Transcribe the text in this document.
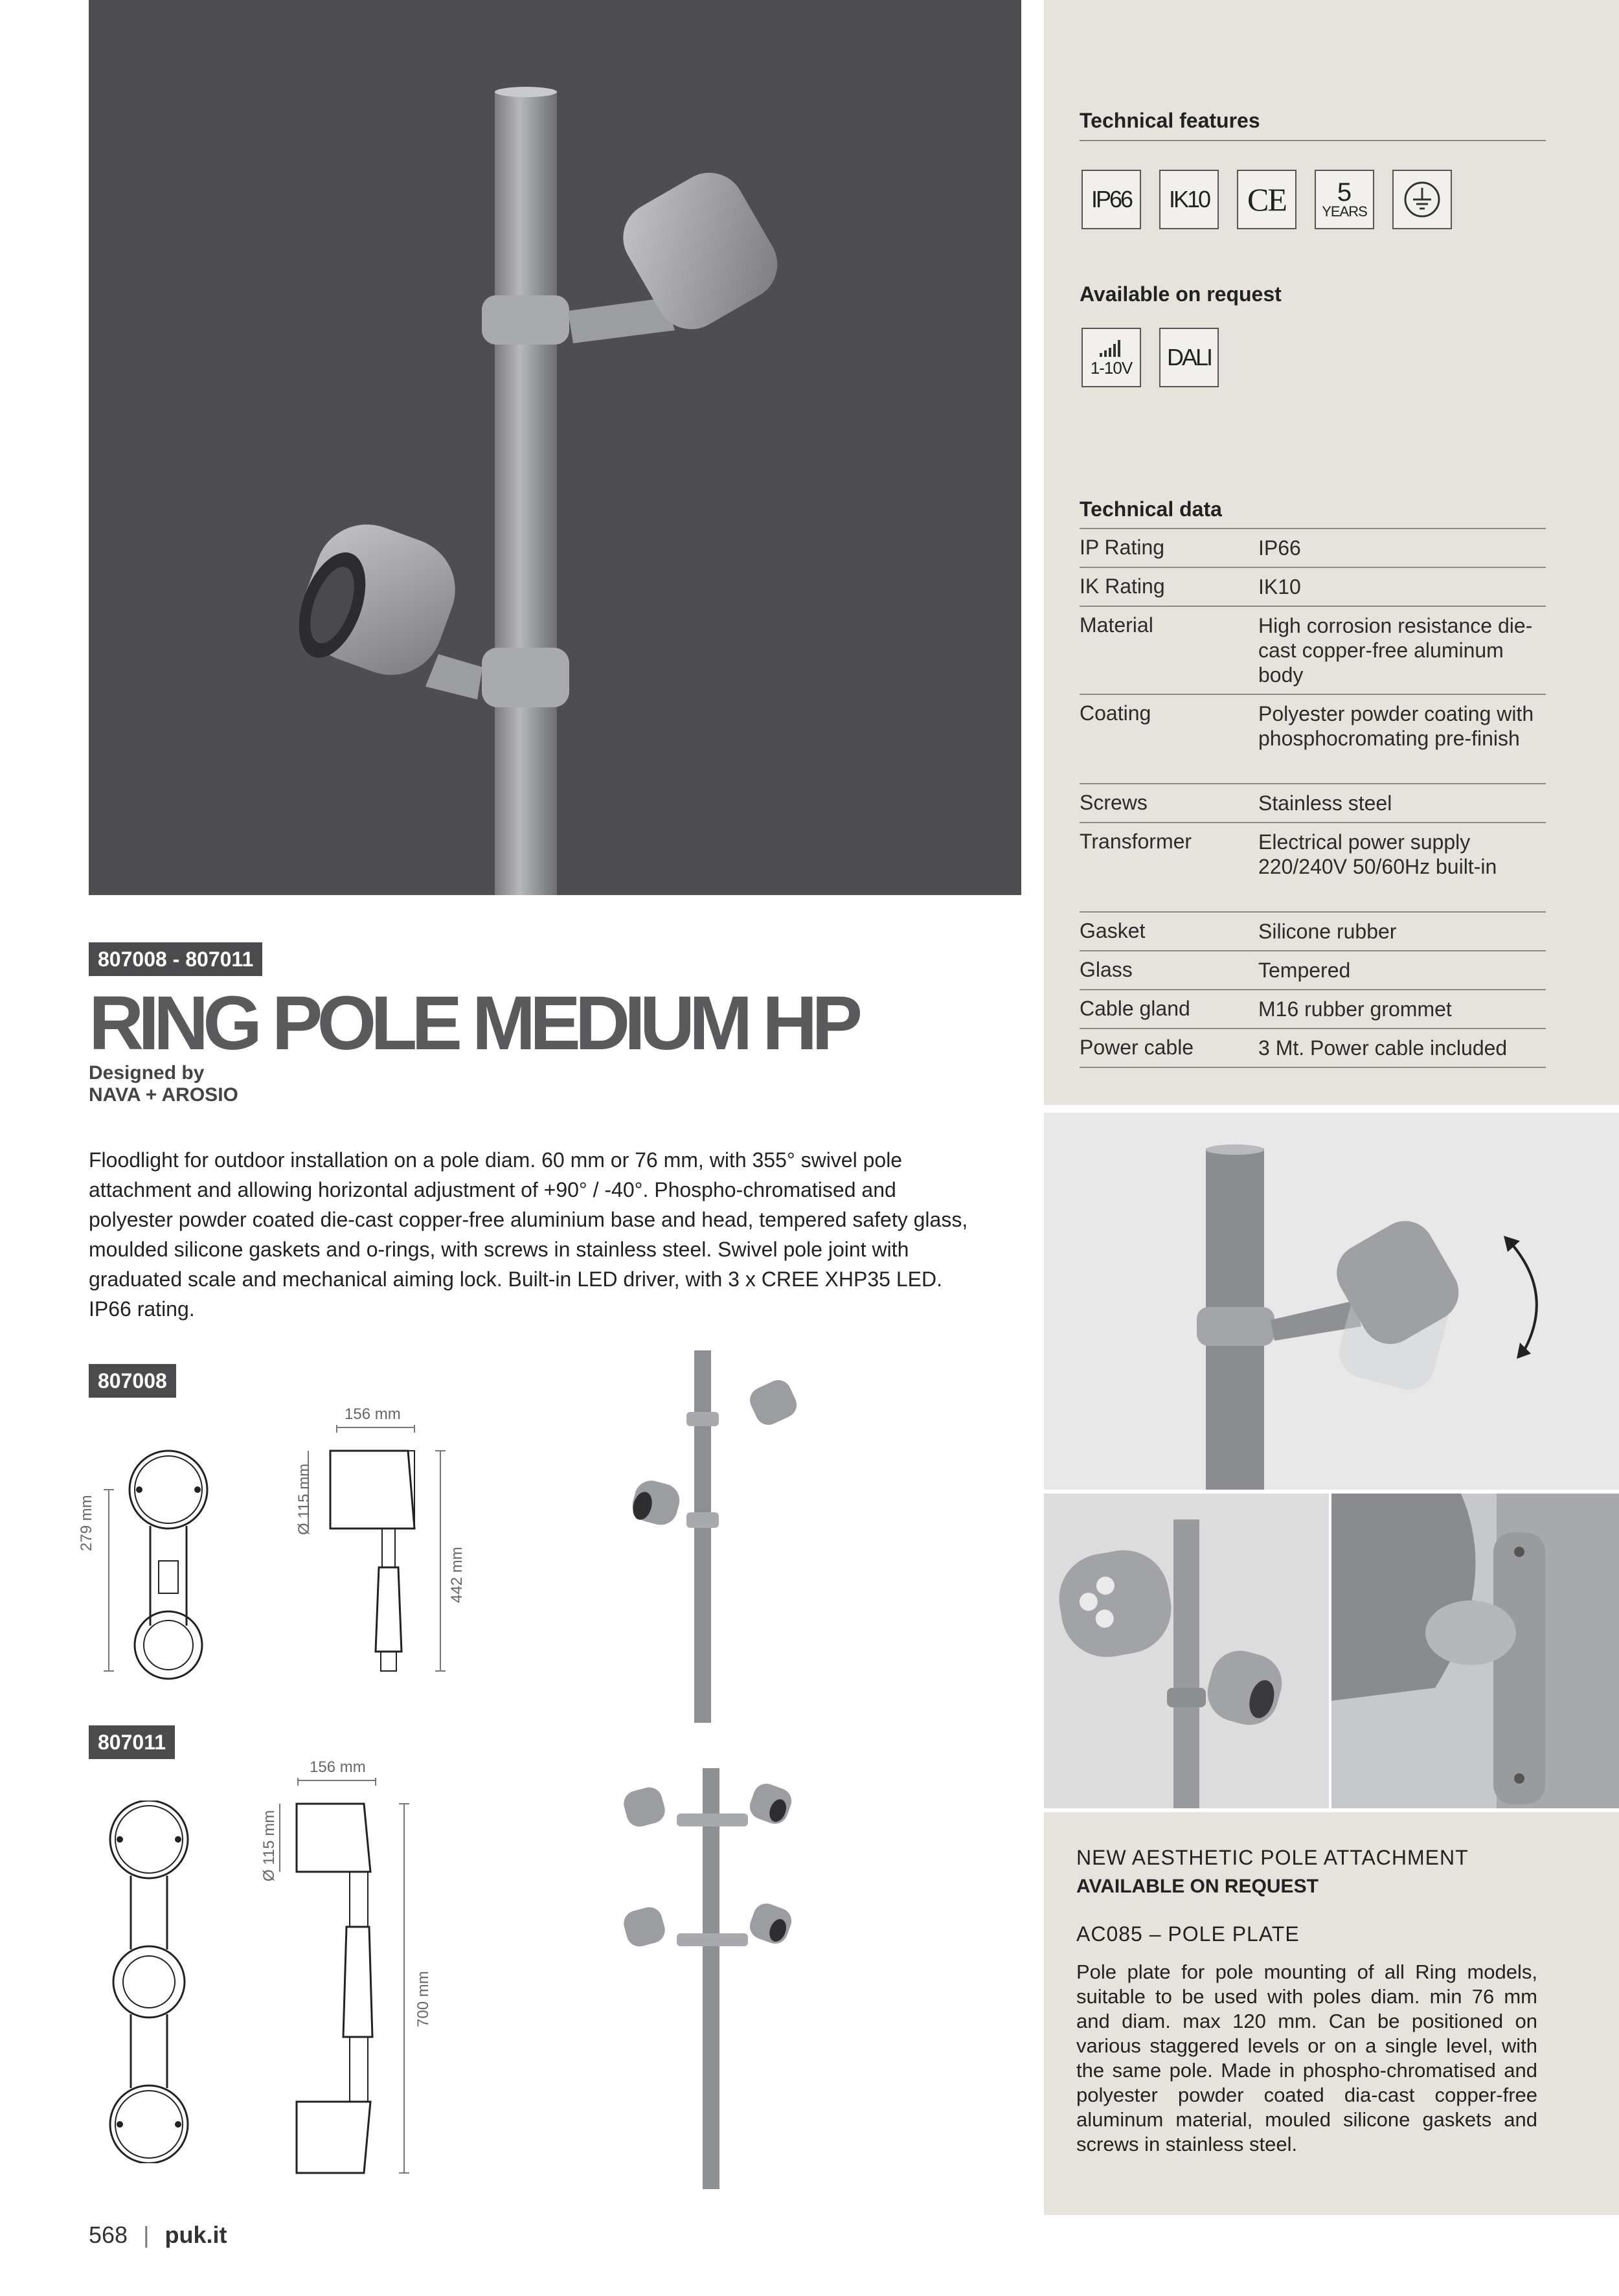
Technical features
IP66 IK10 CE 5
YEARS
Available on request
1-10V DALI
Technical data
IP Rating	IP66
IK Rating	IK10
Material	High corrosion resistance die-cast copper-free aluminum body
Coating	Polyester powder coating with phosphocromating pre-finish
Screws	Stainless steel
Transformer	Electrical power supply 220/240V 50/60Hz built-in
Gasket	Silicone rubber
Glass	Tempered
Cable gland	M16 rubber grommet
Power cable	3 Mt. Power cable included
807008 - 807011
RING POLE MEDIUM HP
Designed by
NAVA + AROSIO
Floodlight for outdoor installation on a pole diam. 60 mm or 76 mm, with 355° swivel pole attachment and allowing horizontal adjustment of +90° / -40°. Phospho-chromatised and polyester powder coated die-cast copper-free aluminium base and head, tempered safety glass, moulded silicone gaskets and o-rings, with screws in stainless steel. Swivel pole joint with graduated scale and mechanical aiming lock. Built-in LED driver, with 3 x CREE XHP35 LED. IP66 rating.
807008
279 mm
156 mm
Ø 115 mm
442 mm
807011
156 mm
Ø 115 mm
700 mm
NEW AESTHETIC POLE ATTACHMENT
AVAILABLE ON REQUEST
AC085 – POLE PLATE
Pole plate for pole mounting of all Ring models, suitable to be used with poles diam. min 76 mm and diam. max 120 mm. Can be positioned on various staggered levels or on a single level, with the same pole. Made in phospho-chromatised and polyester powder coated dia-cast copper-free aluminum material, mouled silicone gaskets and screws in stainless steel.
568 | puk.it
